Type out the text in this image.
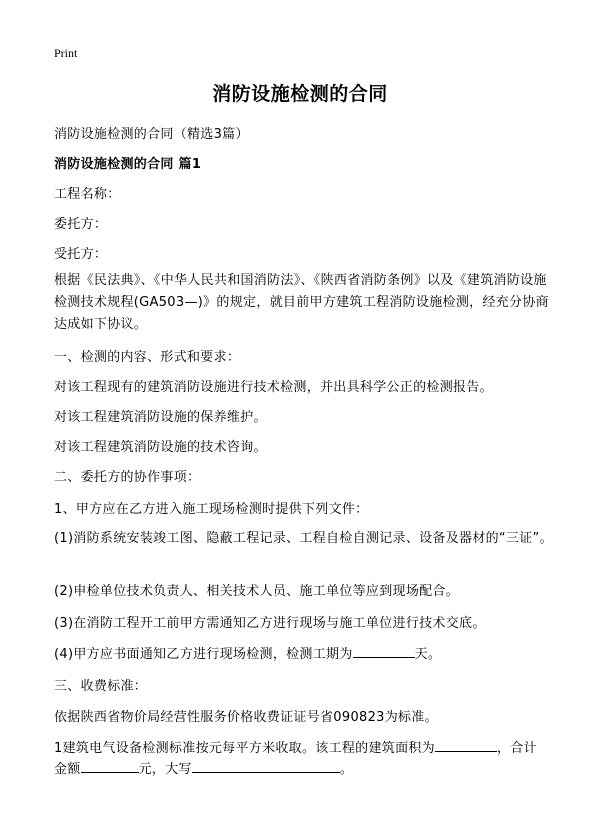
Print
消防设施检测的合同
消防设施检测的合同（精选3篇）
消防设施检测的合同 篇1
工程名称：
委托方：
受托方：
根据《民法典》、《中华人民共和国消防法》、《陕西省消防条例》以及《建筑消防设施检测技术规程(GA503—)》的规定，就目前甲方建筑工程消防设施检测，经充分协商达成如下协议。
一、检测的内容、形式和要求：
对该工程现有的建筑消防设施进行技术检测，并出具科学公正的检测报告。
对该工程建筑消防设施的保养维护。
对该工程建筑消防设施的技术咨询。
二、委托方的协作事项：
1、甲方应在乙方进入施工现场检测时提供下列文件：
(1)消防系统安装竣工图、隐蔽工程记录、工程自检自测记录、设备及器材的“三证”。
(2)申检单位技术负责人、相关技术人员、施工单位等应到现场配合。
(3)在消防工程开工前甲方需通知乙方进行现场与施工单位进行技术交底。
(4)甲方应书面通知乙方进行现场检测，检测工期为	天。
三、收费标准：
依据陕西省物价局经营性服务价格收费证证号省090823为标准。
1建筑电气设备检测标准按元每平方米收取。该工程的建筑面积为	，合计
金额	元，大写	。
